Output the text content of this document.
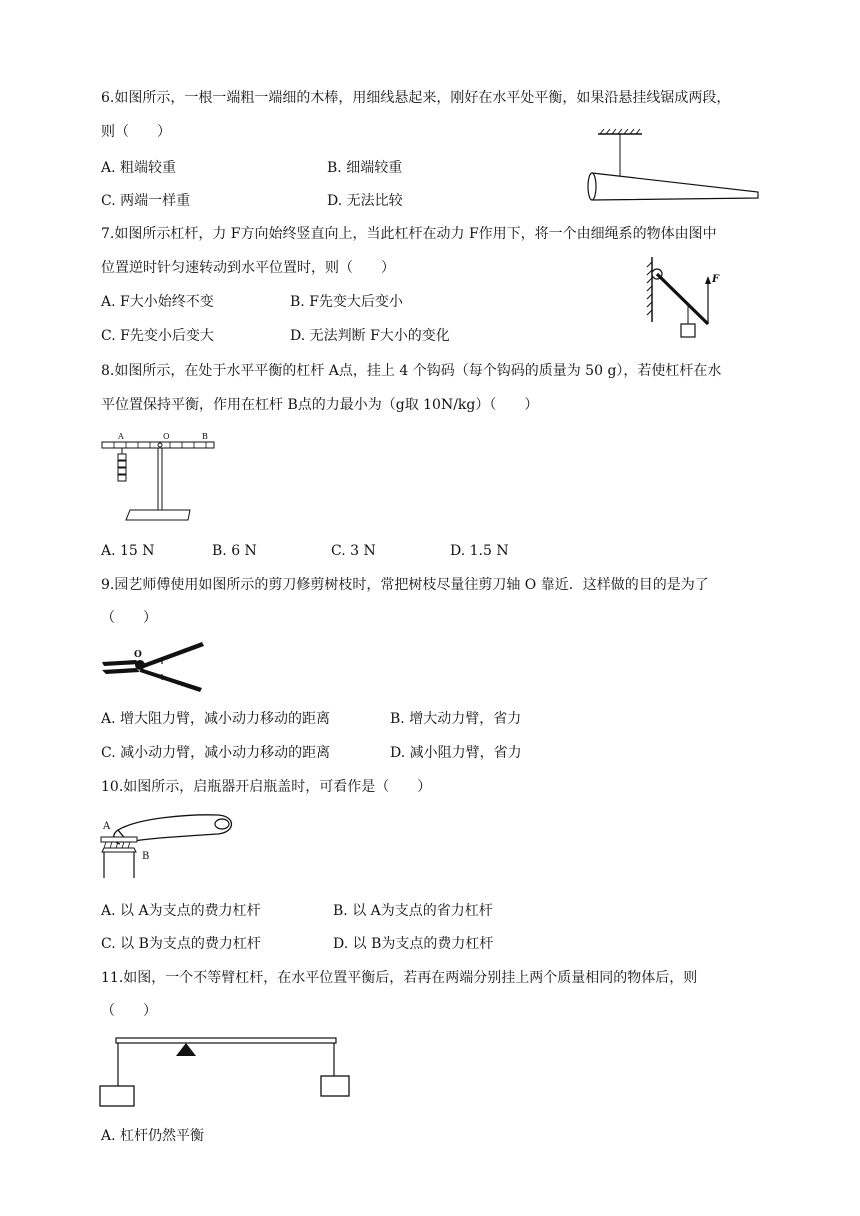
6.如图所示，一根一端粗一端细的木棒，用细线悬起来，刚好在水平处平衡，如果沿悬挂线锯成两段，
则（　　）
A. 粗端较重	B. 细端较重
C. 两端一样重	D. 无法比较
7.如图所示杠杆，力 F方向始终竖直向上，当此杠杆在动力 F作用下，将一个由细绳系的物体由图中
位置逆时针匀速转动到水平位置时，则（　　）
A. F大小始终不变	B. F先变大后变小
C. F先变小后变大	D. 无法判断 F大小的变化
F
8.如图所示，在处于水平平衡的杠杆 A点，挂上 4 个钩码（每个钩码的质量为 50 g），若使杠杆在水
平位置保持平衡，作用在杠杆 B点的力最小为（g取 10N/kg）（　　）
A	O	B
A. 15 N	B. 6 N	C. 3 N	D. 1.5 N
9.园艺师傅使用如图所示的剪刀修剪树枝时，常把树枝尽量往剪刀轴 O 靠近．这样做的目的是为了
（　　）
O
A. 增大阻力臂，减小动力移动的距离	B. 增大动力臂，省力
C. 减小动力臂，减小动力移动的距离	D. 减小阻力臂，省力
10.如图所示，启瓶器开启瓶盖时，可看作是（　　）
A
B
A. 以 A为支点的费力杠杆	B. 以 A为支点的省力杠杆
C. 以 B为支点的费力杠杆	D. 以 B为支点的费力杠杆
11.如图，一个不等臂杠杆，在水平位置平衡后，若再在两端分别挂上两个质量相同的物体后，则
（　　）
A. 杠杆仍然平衡
